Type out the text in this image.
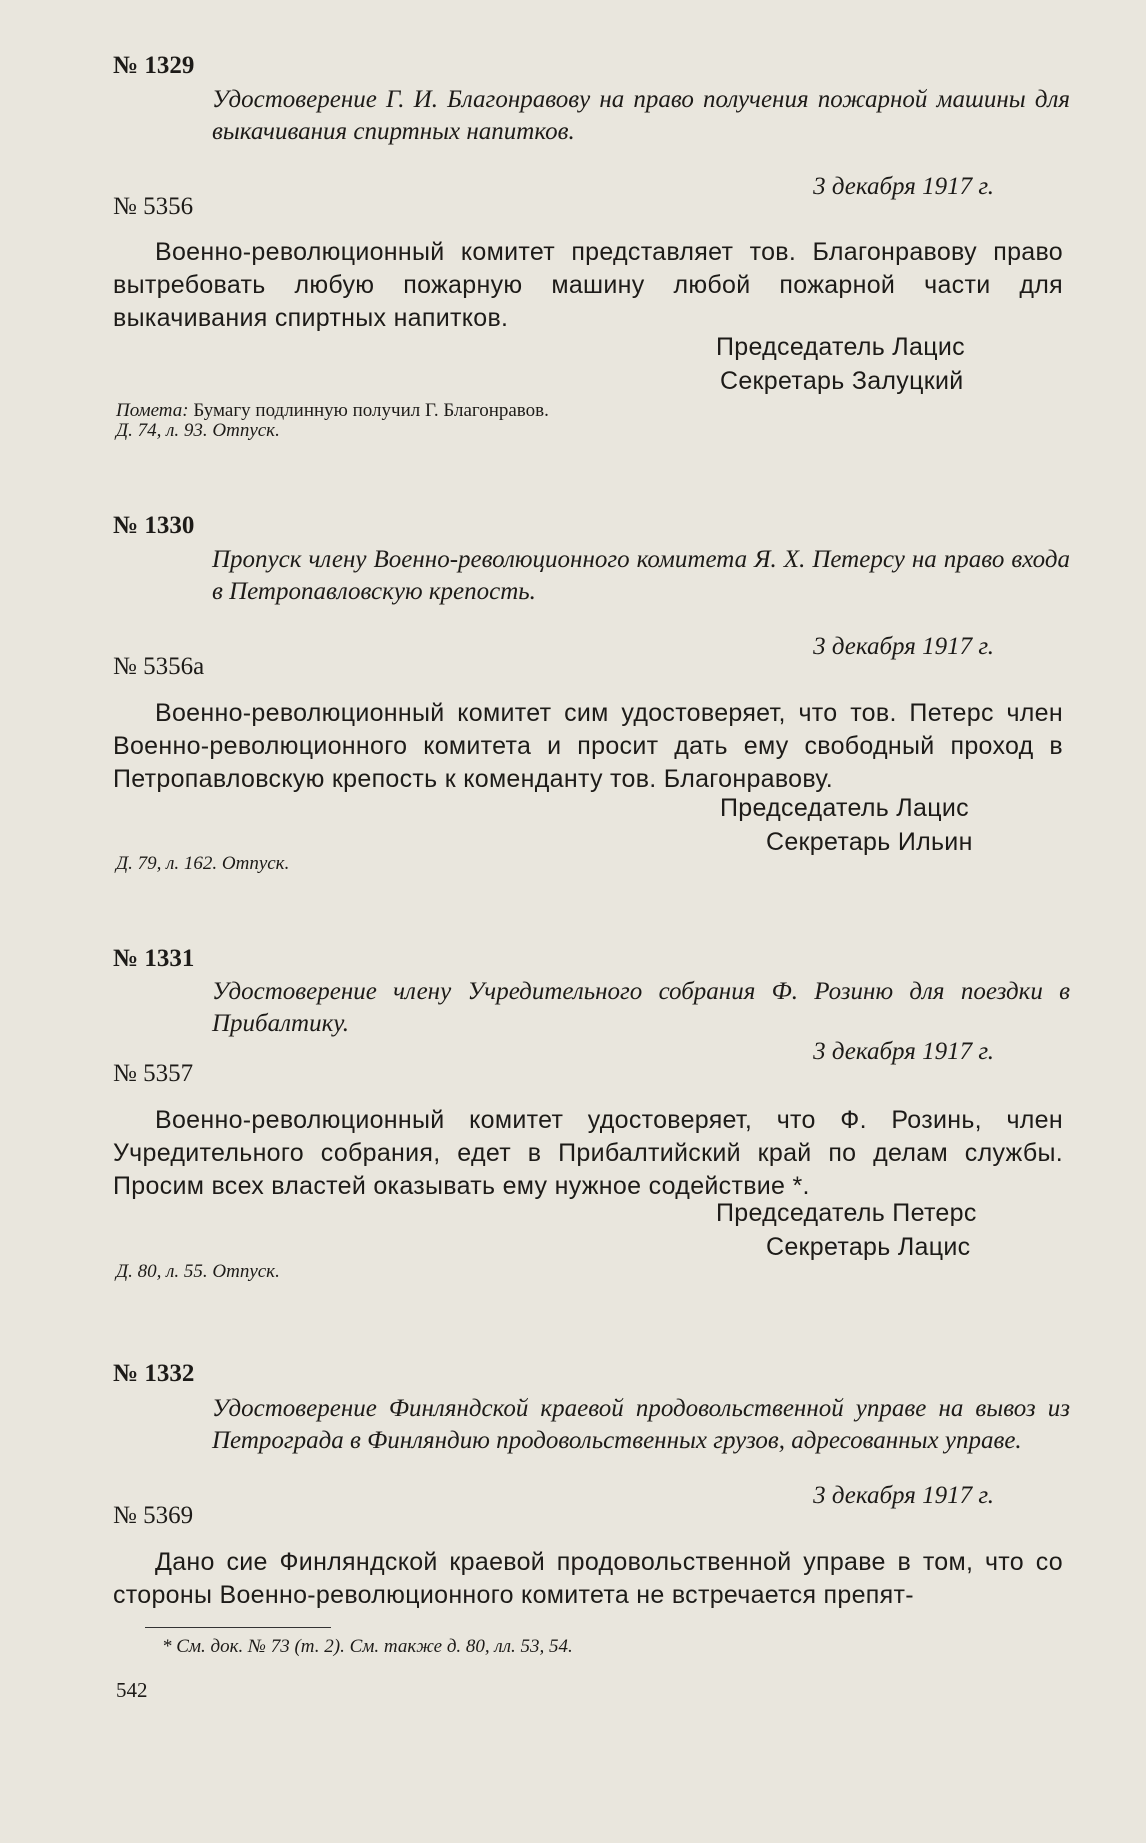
№ 1329
Удостоверение Г. И. Благонравову на право получения пожарной машины для выкачивания спиртных напитков.
3 декабря 1917 г.
№ 5356

Военно-революционный комитет представляет тов. Благонравову право вытребовать любую пожарную машину любой пожарной части для выкачивания спиртных напитков.

Председатель Лацис
Секретарь Залуцкий
Помета: Бумагу подлинную получил Г. Благонравов.
Д. 74, л. 93. Отпуск.
№ 1330
Пропуск члену Военно-революционного комитета Я. Х. Петерсу на право входа в Петропавловскую крепость.
3 декабря 1917 г.
№ 5356а

Военно-революционный комитет сим удостоверяет, что тов. Петерс член Военно-революционного комитета и просит дать ему свободный проход в Петропавловскую крепость к коменданту тов. Благонравову.

Председатель Лацис
Секретарь Ильин
Д. 79, л. 162. Отпуск.
№ 1331
Удостоверение члену Учредительного собрания Ф. Розиню для поездки в Прибалтику.
3 декабря 1917 г.
№ 5357

Военно-революционный комитет удостоверяет, что Ф. Розинь, член Учредительного собрания, едет в Прибалтийский край по делам службы. Просим всех властей оказывать ему нужное содействие *.

Председатель Петерс
Секретарь Лацис
Д. 80, л. 55. Отпуск.
№ 1332
Удостоверение Финляндской краевой продовольственной управе на вывоз из Петрограда в Финляндию продовольственных грузов, адресованных управе.
3 декабря 1917 г.
№ 5369

Дано сие Финляндской краевой продовольственной управе в том, что со стороны Военно-революционного комитета не встречается препят-

* См. док. № 73 (т. 2). См. также д. 80, лл. 53, 54.
542
